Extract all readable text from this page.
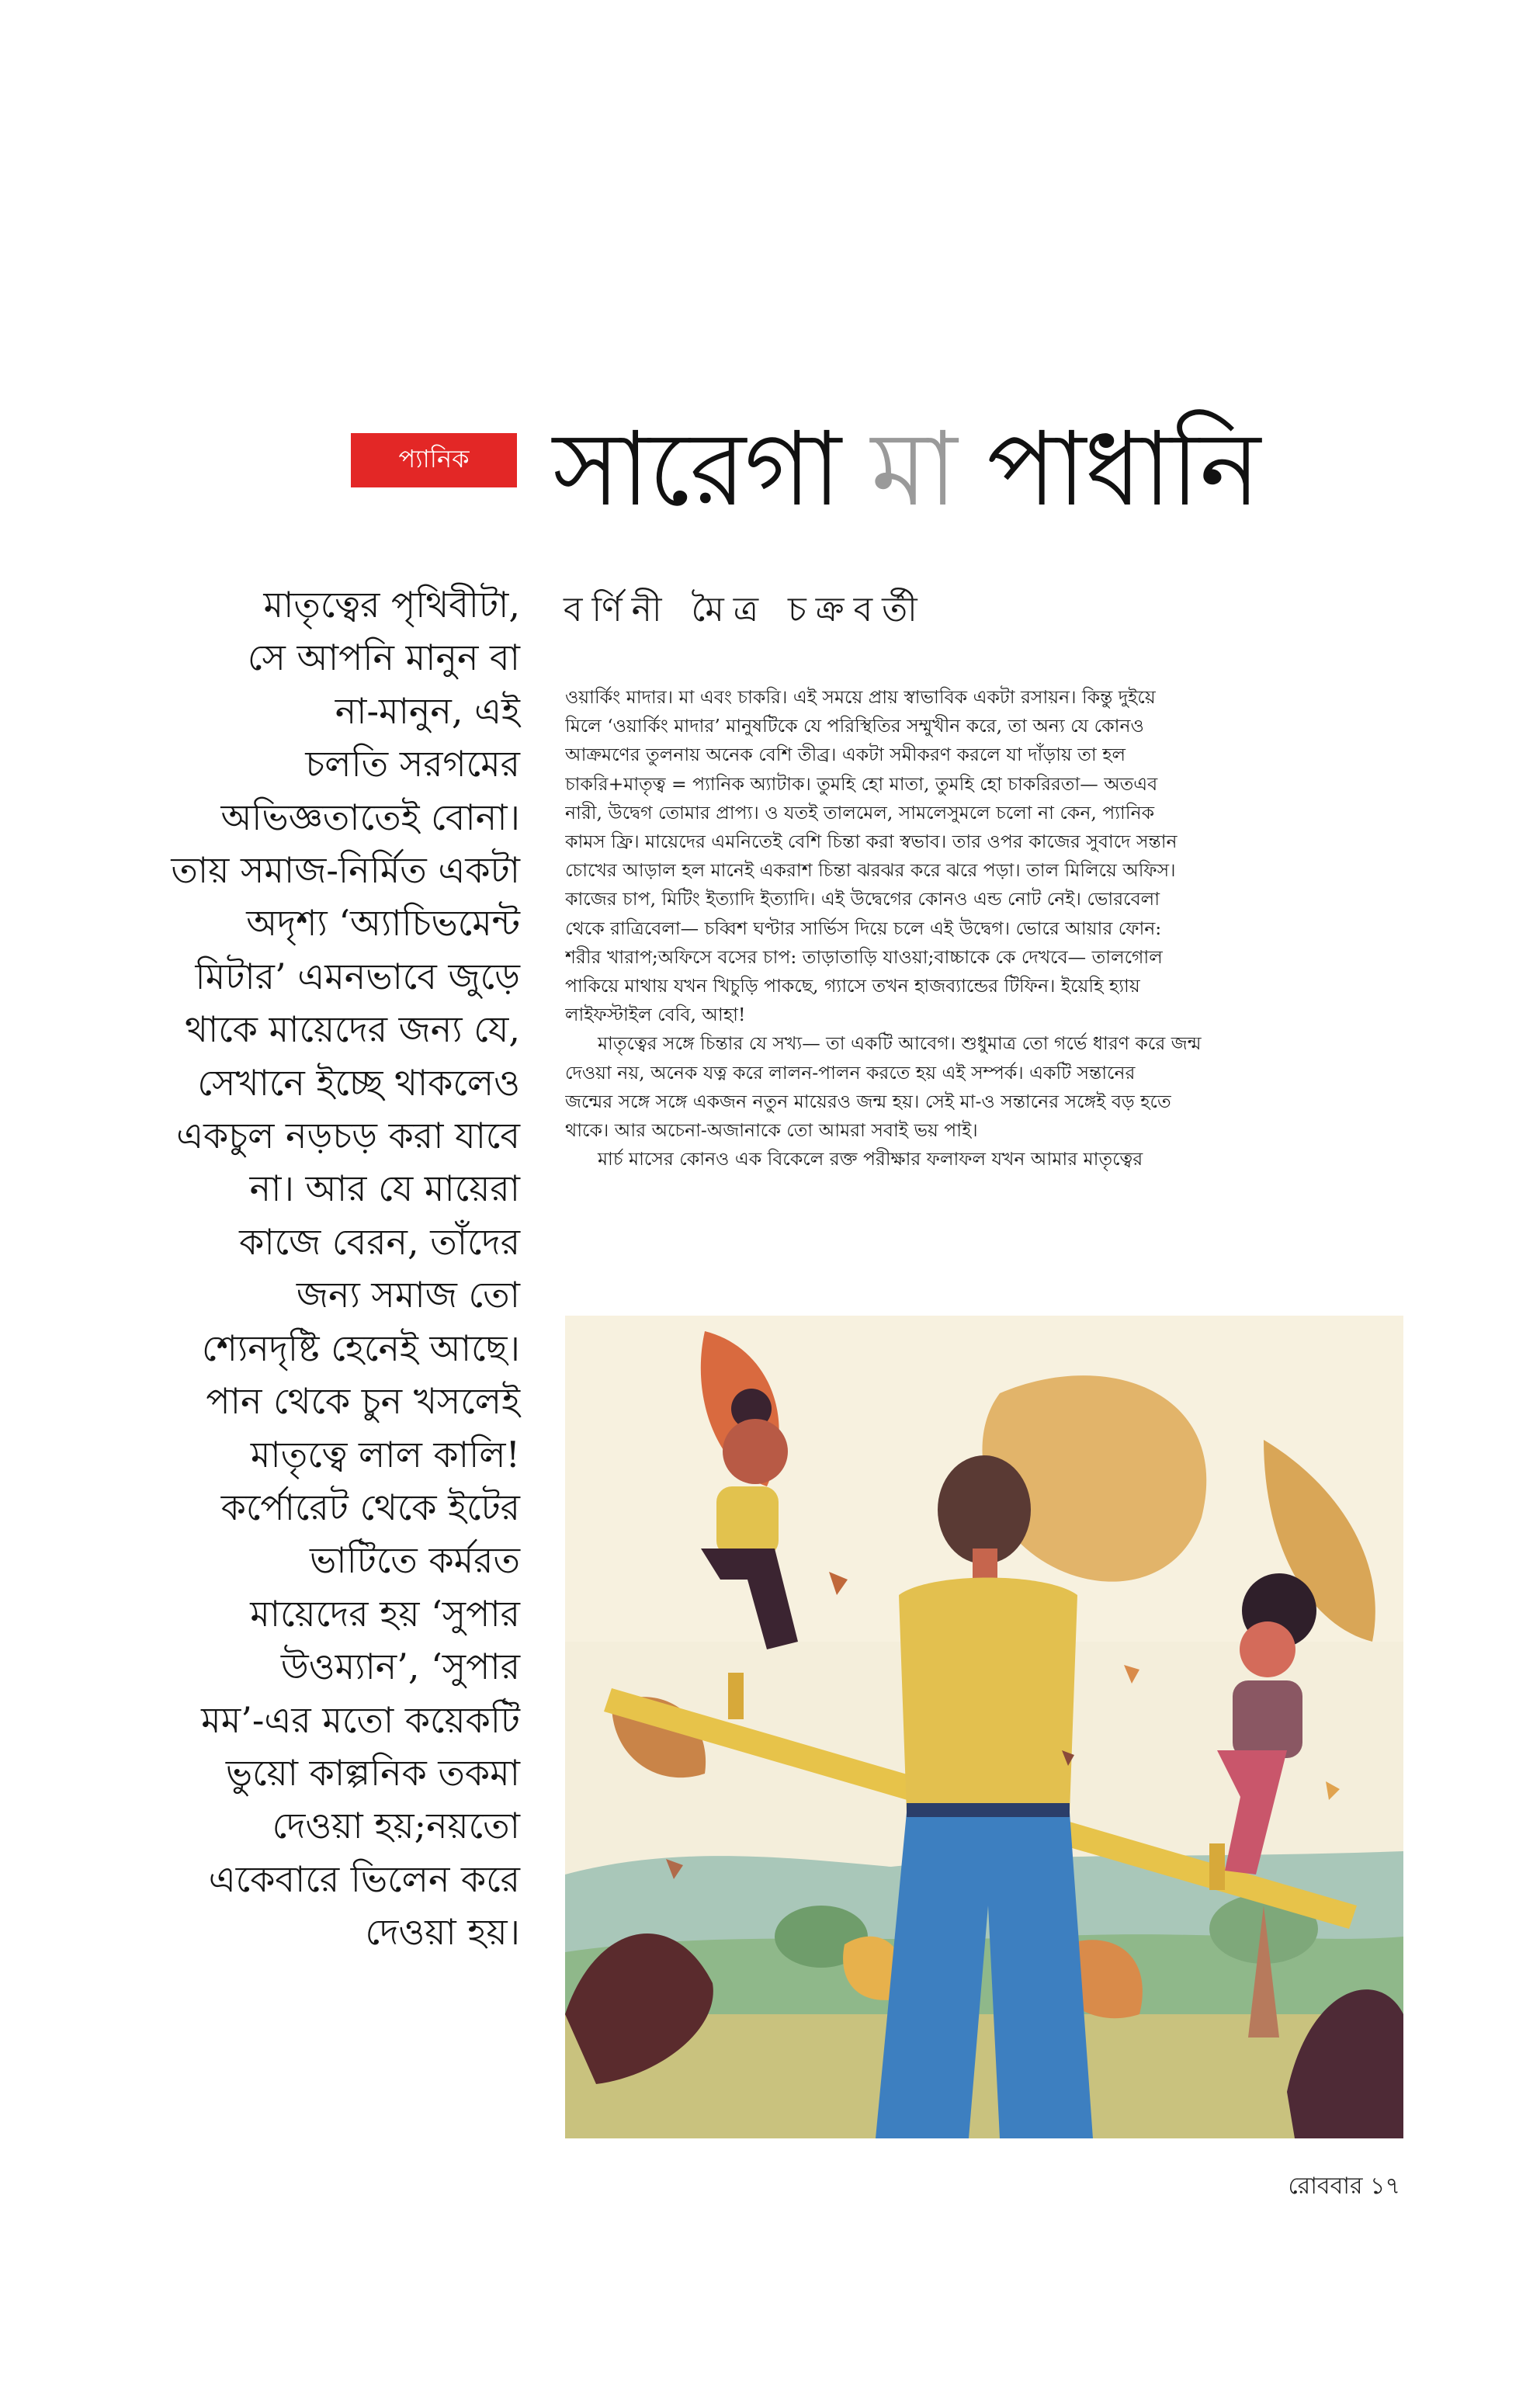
প্যানিক সারেগা মা পাধানি
মাতৃত্বের পৃথিবীটা,
সে আপনি মানুন বা
না-মানুন, এই
চলতি সরগমের
অভিজ্ঞতাতেই বোনা।
তায় সমাজ-নির্মিত একটা
অদৃশ্য ‘অ্যাচিভমেন্ট
মিটার’ এমনভাবে জুড়ে
থাকে মায়েদের জন্য যে,
সেখানে ইচ্ছে থাকলেও
একচুল নড়চড় করা যাবে
না। আর যে মায়েরা
কাজে বেরন, তাঁদের
জন্য সমাজ তো
শ্যেনদৃষ্টি হেনেই আছে।
পান থেকে চুন খসলেই
মাতৃত্বে লাল কালি!
কর্পোরেট থেকে ইটের
ভাটিতে কর্মরত
মায়েদের হয় ‘সুপার
উওম্যান’, ‘সুপার
মম’-এর মতো কয়েকটি
ভুয়ো কাল্পনিক তকমা
দেওয়া হয়;নয়তো
একেবারে ভিলেন করে
দেওয়া হয়।
বর্ণিনী মৈত্র চক্রবর্তী
ওয়ার্কিং মাদার। মা এবং চাকরি। এই সময়ে প্রায় স্বাভাবিক একটা রসায়ন। কিন্তু দুইয়ে
মিলে ‘ওয়ার্কিং মাদার’ মানুষটিকে যে পরিস্থিতির সম্মুখীন করে, তা অন্য যে কোনও
আক্রমণের তুলনায় অনেক বেশি তীব্র। একটা সমীকরণ করলে যা দাঁড়ায় তা হল
চাকরি+মাতৃত্ব = প্যানিক অ্যাটাক। তুমহি হো মাতা, তুমহি হো চাকরিরতা— অতএব
নারী, উদ্বেগ তোমার প্রাপ্য। ও যতই তালমেল, সামলেসুমলে চলো না কেন, প্যানিক
কামস ফ্রি। মায়েদের এমনিতেই বেশি চিন্তা করা স্বভাব। তার ওপর কাজের সুবাদে সন্তান
চোখের আড়াল হল মানেই একরাশ চিন্তা ঝরঝর করে ঝরে পড়া। তাল মিলিয়ে অফিস।
কাজের চাপ, মিটিং ইত্যাদি ইত্যাদি। এই উদ্বেগের কোনও এন্ড নোট নেই। ভোরবেলা
থেকে রাত্রিবেলা— চব্বিশ ঘণ্টার সার্ভিস দিয়ে চলে এই উদ্বেগ। ভোরে আয়ার ফোন:
শরীর খারাপ;অফিসে বসের চাপ: তাড়াতাড়ি যাওয়া;বাচ্চাকে কে দেখবে— তালগোল
পাকিয়ে মাথায় যখন খিচুড়ি পাকছে, গ্যাসে তখন হাজব্যান্ডের টিফিন। ইয়েহি হ্যায়
লাইফস্টাইল বেবি, আহা!
মাতৃত্বের সঙ্গে চিন্তার যে সখ্য— তা একটি আবেগ। শুধুমাত্র তো গর্ভে ধারণ করে জন্ম
দেওয়া নয়, অনেক যত্ন করে লালন-পালন করতে হয় এই সম্পর্ক। একটি সন্তানের
জন্মের সঙ্গে সঙ্গে একজন নতুন মায়েরও জন্ম হয়। সেই মা-ও সন্তানের সঙ্গেই বড় হতে
থাকে। আর অচেনা-অজানাকে তো আমরা সবাই ভয় পাই।
মার্চ মাসের কোনও এক বিকেলে রক্ত পরীক্ষার ফলাফল যখন আমার মাতৃত্বের
রোববার ১৭
